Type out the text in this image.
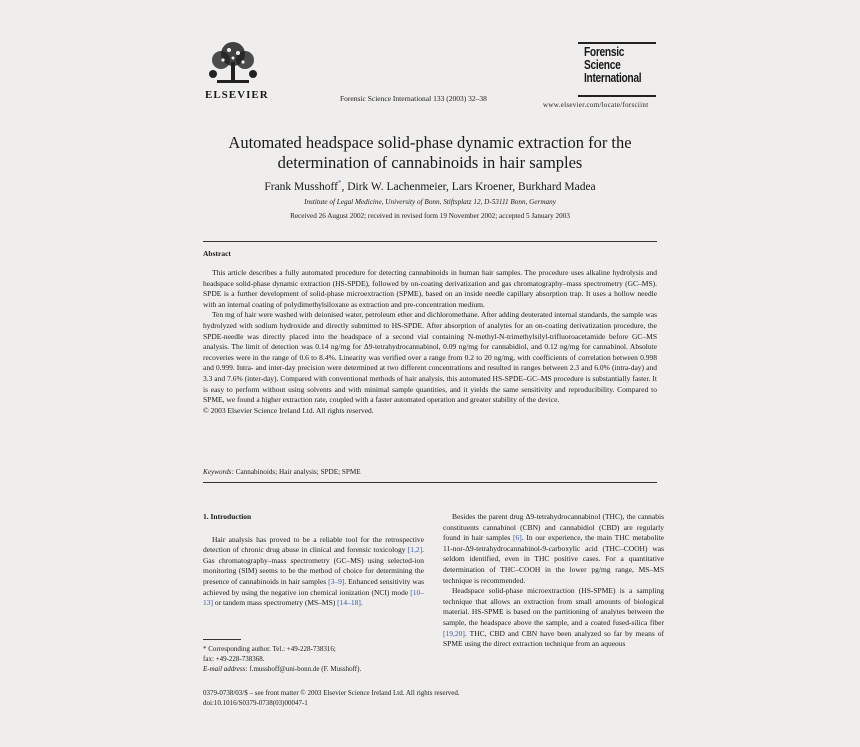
ELSEVIER	Forensic Science International 133 (2003) 32–38
Forensic
Science
International
www.elsevier.com/locate/forsciint
Automated headspace solid-phase dynamic extraction for the
determination of cannabinoids in hair samples
Frank Musshoff*, Dirk W. Lachenmeier, Lars Kroener, Burkhard Madea
Institute of Legal Medicine, University of Bonn, Stiftsplatz 12, D-53111 Bonn, Germany
Received 26 August 2002; received in revised form 19 November 2002; accepted 5 January 2003
Abstract

This article describes a fully automated procedure for detecting cannabinoids in human hair samples. The procedure uses alkaline hydrolysis and headspace solid-phase dynamic extraction (HS-SPDE), followed by on-coating derivatization and gas chromatography–mass spectrometry (GC–MS). SPDE is a further development of solid-phase microextraction (SPME), based on an inside needle capillary absorption trap. It uses a hollow needle with an internal coating of polydimethylsiloxane as extraction and pre-concentration medium.

Ten mg of hair were washed with deionised water, petroleum ether and dichloromethane. After adding deuterated internal standards, the sample was hydrolyzed with sodium hydroxide and directly submitted to HS-SPDE. After absorption of analytes for an on-coating derivatization procedure, the SPDE-needle was directly placed into the headspace of a second vial containing N-methyl-N-trimethylsilyl-trifluoroacetamide before GC–MS analysis. The limit of detection was 0.14 ng/mg for Δ9-tetrahydrocannabinol, 0.09 ng/mg for cannabidiol, and 0.12 ng/mg for cannabinol. Absolute recoveries were in the range of 0.6 to 8.4%. Linearity was verified over a range from 0.2 to 20 ng/mg, with coefficients of correlation between 0.998 and 0.999. Intra- and inter-day precision were determined at two different concentrations and resulted in ranges between 2.3 and 6.0% (intra-day) and 3.3 and 7.6% (inter-day). Compared with conventional methods of hair analysis, this automated HS-SPDE–GC–MS procedure is substantially faster. It is easy to perform without using solvents and with minimal sample quantities, and it yields the same sensitivity and reproducibility. Compared to SPME, we found a higher extraction rate, coupled with a faster automated operation and greater stability of the device.

© 2003 Elsevier Science Ireland Ltd. All rights reserved.

Keywords: Cannabinoids; Hair analysis; SPDE; SPME
1. Introduction

Hair analysis has proved to be a reliable tool for the retrospective detection of chronic drug abuse in clinical and forensic toxicology [1,2]. Gas chromatography–mass spectrometry (GC–MS) using selected-ion monitoring (SIM) seems to be the method of choice for determining the presence of cannabinoids in hair samples [3–9]. Enhanced sensitivity was achieved by using the negative ion chemical ionization (NCI) mode [10–13] or tandem mass spectrometry (MS–MS) [14–18].

Besides the parent drug Δ9-tetrahydrocannabinol (THC), the cannabis constituents cannabinol (CBN) and cannabidiol (CBD) are regularly found in hair samples [6]. In our experience, the main THC metabolite 11-nor-Δ9-tetrahydrocannabinol-9-carboxylic acid (THC–COOH) was seldom identified, even in THC positive cases. For a quantitative determination of THC–COOH in the lower pg/mg range, MS–MS technique is recommended.

Headspace solid-phase microextraction (HS-SPME) is a sampling technique that allows an extraction from small amounts of biological material. HS-SPME is based on the partitioning of analytes between the sample, the headspace above the sample, and a coated fused-silica fiber [19,20]. THC, CBD and CBN have been analyzed so far by means of SPME using the direct extraction technique from an aqueous

* Corresponding author. Tel.: +49-228-738316;
fax: +49-228-738368.
E-mail address: f.musshoff@uni-bonn.de (F. Musshoff).
0379-0738/03/$ – see front matter © 2003 Elsevier Science Ireland Ltd. All rights reserved.
doi:10.1016/S0379-0738(03)00047-1
